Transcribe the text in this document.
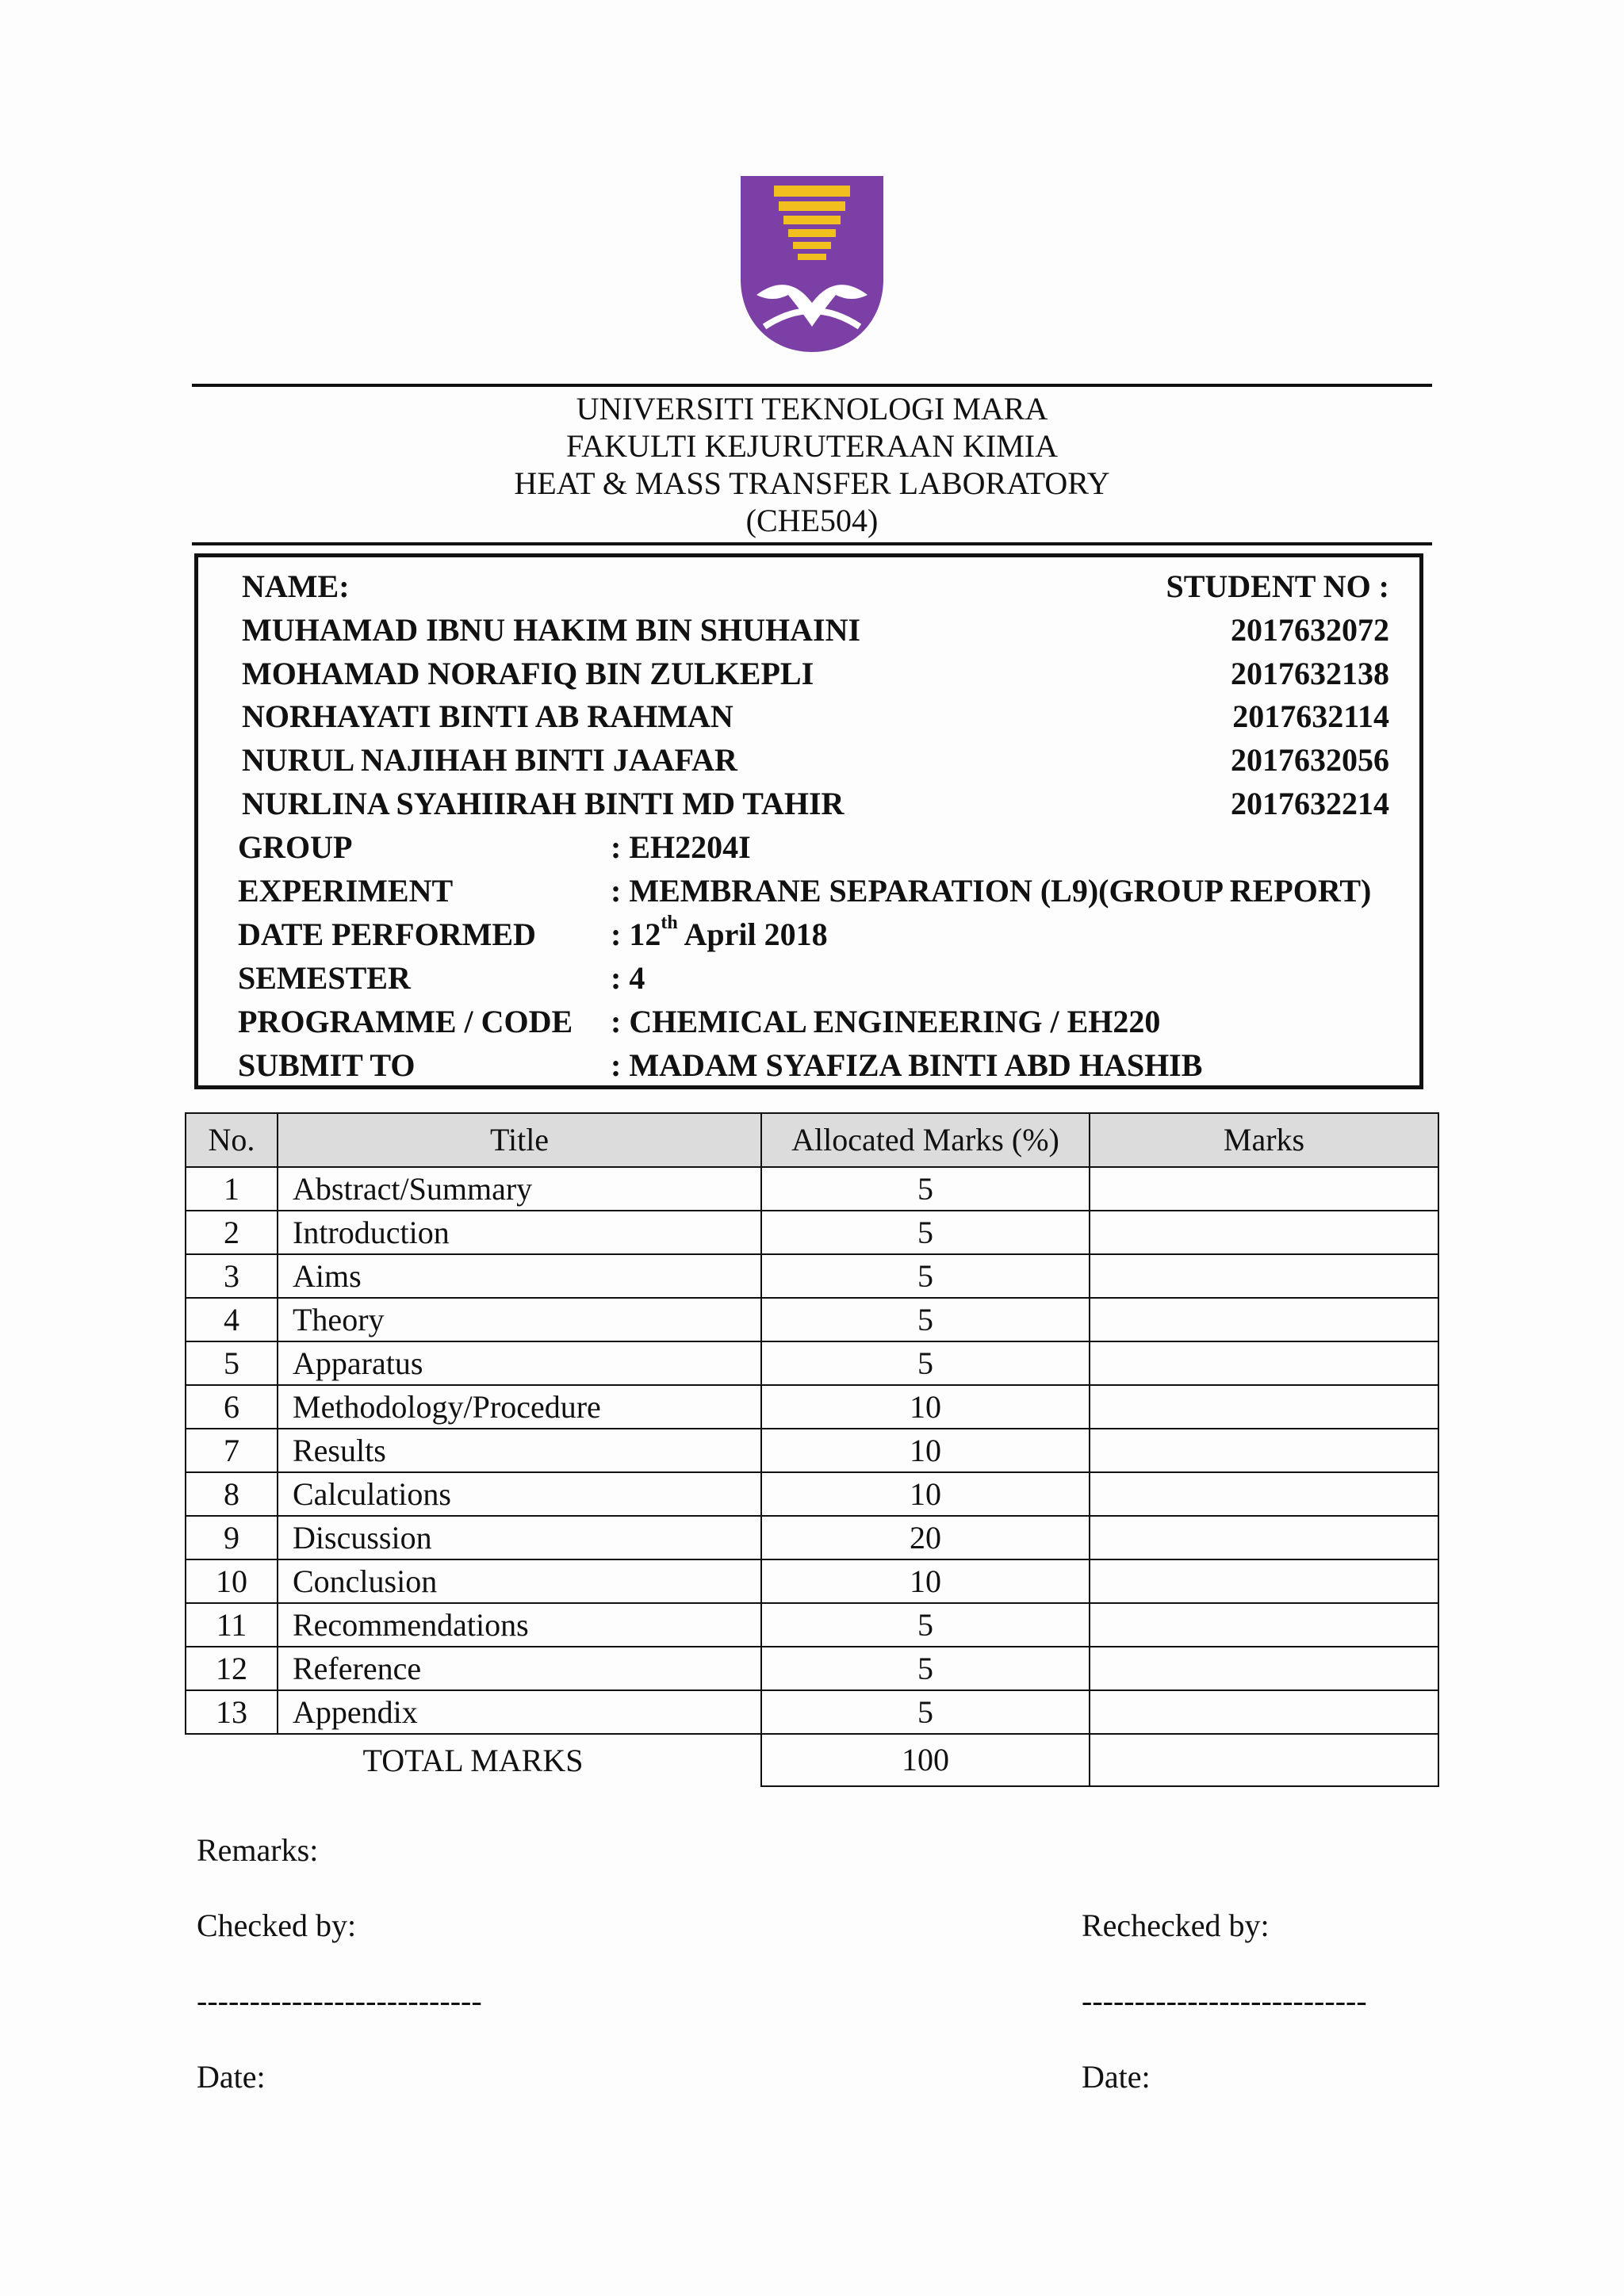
UNIVERSITI TEKNOLOGI MARA
FAKULTI KEJURUTERAAN KIMIA
HEAT & MASS TRANSFER LABORATORY
(CHE504)
NAME:	STUDENT NO :
MUHAMAD IBNU HAKIM BIN SHUHAINI	2017632072
MOHAMAD NORAFIQ BIN ZULKEPLI	2017632138
NORHAYATI BINTI AB RAHMAN	2017632114
NURUL NAJIHAH BINTI JAAFAR	2017632056
NURLINA SYAHIIRAH BINTI MD TAHIR	2017632214
GROUP	: EH2204I
EXPERIMENT	: MEMBRANE SEPARATION (L9)(GROUP REPORT)
DATE PERFORMED : 12th April 2018
SEMESTER	: 4
PROGRAMME / CODE : CHEMICAL ENGINEERING / EH220
SUBMIT TO	: MADAM SYAFIZA BINTI ABD HASHIB
No.	Title	Allocated Marks (%)	Marks
1	Abstract/Summary	5	
2	Introduction	5	
3	Aims	5	
4	Theory	5	
5	Apparatus	5	
6	Methodology/Procedure	10	
7	Results	10	
8	Calculations	10	
9	Discussion	20	
10	Conclusion	10	
11	Recommendations	5	
12	Reference	5	
13	Appendix	5	
TOTAL MARKS		100	
Remarks:
Checked by:	Rechecked by:
---------------------------	---------------------------
Date:	Date:
